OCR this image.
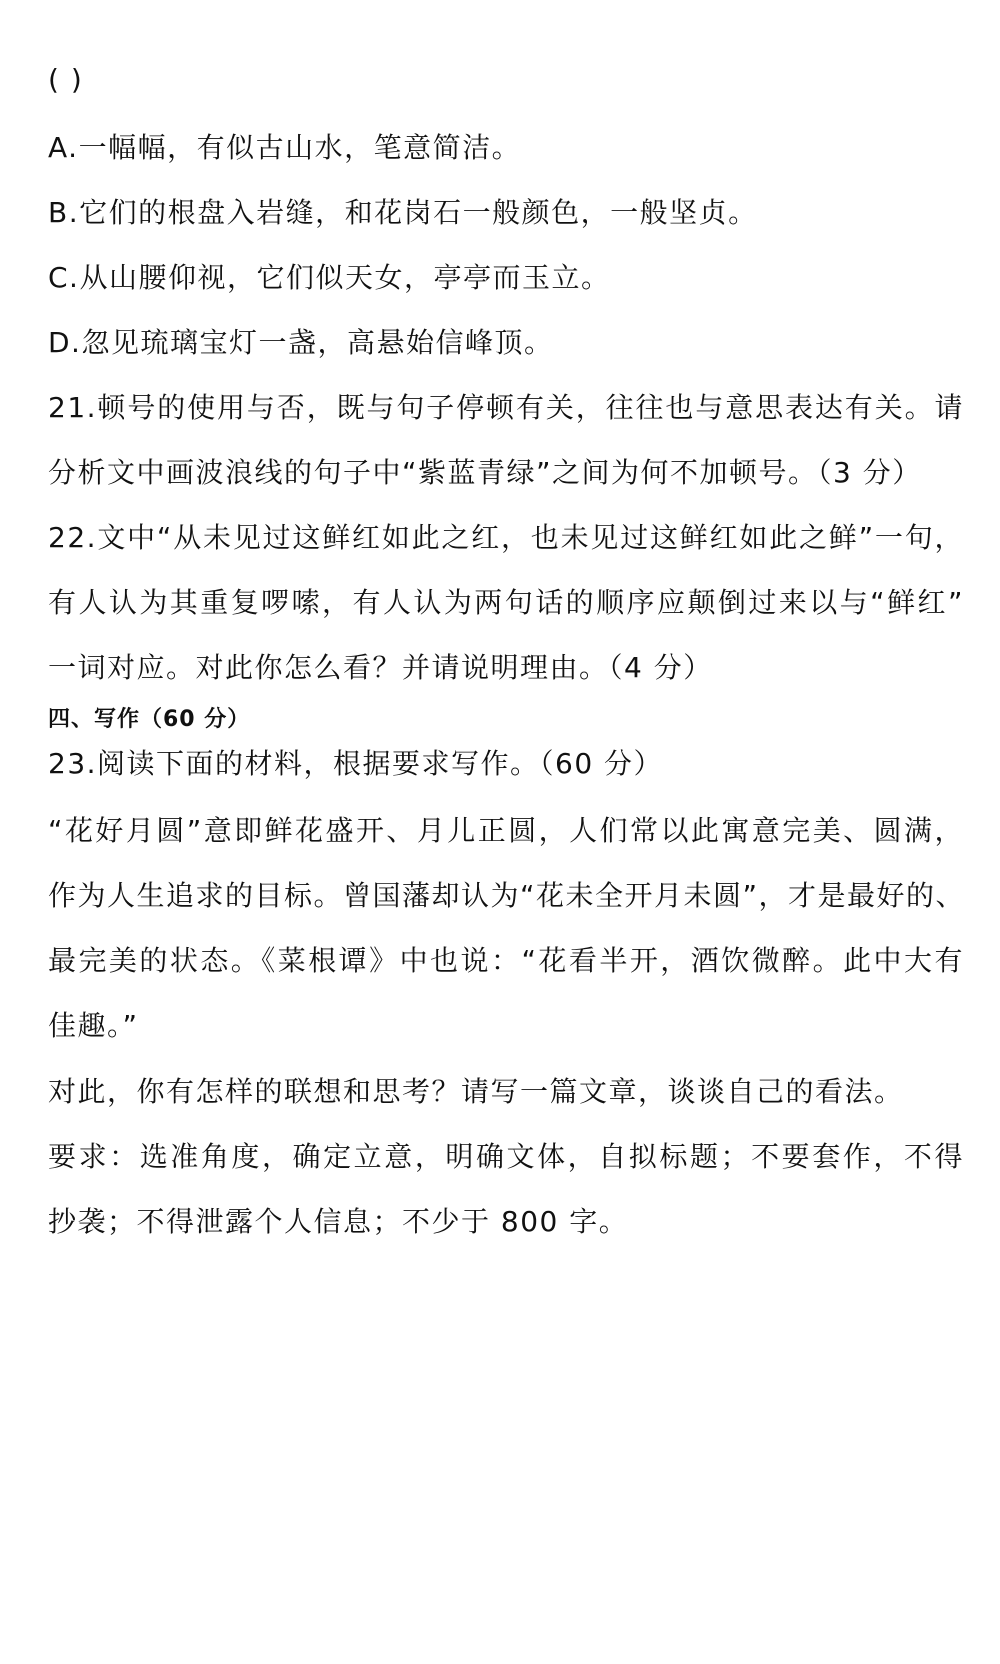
( )
A.一幅幅，有似古山水，笔意简洁。
B.它们的根盘入岩缝，和花岗石一般颜色，一般坚贞。
C.从山腰仰视，它们似天女，亭亭而玉立。
D.忽见琉璃宝灯一盏，高悬始信峰顶。
21.顿号的使用与否，既与句子停顿有关，往往也与意思表达有关。请
分析文中画波浪线的句子中“紫蓝青绿”之间为何不加顿号。（3 分）
22.文中“从未见过这鲜红如此之红，也未见过这鲜红如此之鲜”一句，
有人认为其重复啰嗦，有人认为两句话的顺序应颠倒过来以与“鲜红”
一词对应。对此你怎么看？并请说明理由。（4 分）
四、写作（60 分）
23.阅读下面的材料，根据要求写作。（60 分）
“花好月圆”意即鲜花盛开、月儿正圆，人们常以此寓意完美、圆满，
作为人生追求的目标。曾国藩却认为“花未全开月未圆”，才是最好的、
最完美的状态。《菜根谭》中也说：“花看半开，酒饮微醉。此中大有
佳趣。”
对此，你有怎样的联想和思考？请写一篇文章，谈谈自己的看法。
要求：选准角度，确定立意，明确文体，自拟标题；不要套作，不得
抄袭；不得泄露个人信息；不少于 800 字。
